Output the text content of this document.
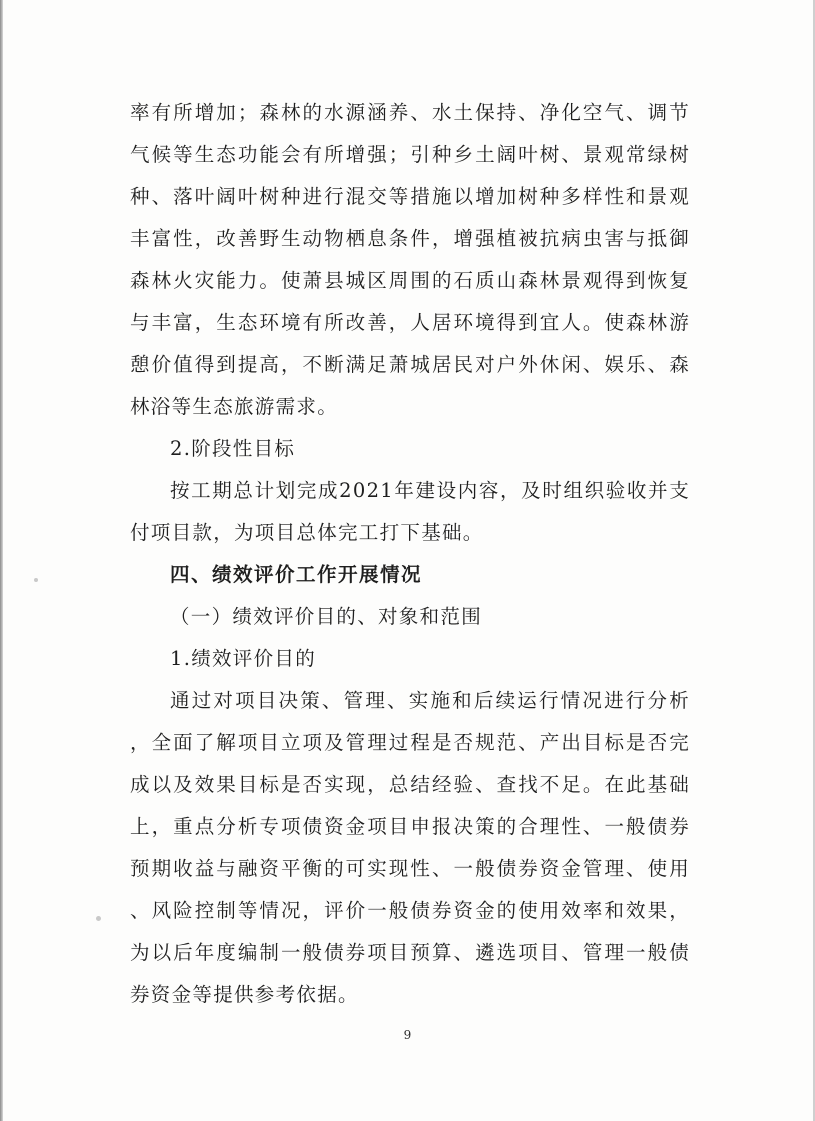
率有所增加；森林的水源涵养、水土保持、净化空气、调节
气候等生态功能会有所增强；引种乡土阔叶树、景观常绿树
种、落叶阔叶树种进行混交等措施以增加树种多样性和景观
丰富性，改善野生动物栖息条件，增强植被抗病虫害与抵御
森林火灾能力。使萧县城区周围的石质山森林景观得到恢复
与丰富，生态环境有所改善，人居环境得到宜人。使森林游
憩价值得到提高，不断满足萧城居民对户外休闲、娱乐、森
林浴等生态旅游需求。
2.阶段性目标
按工期总计划完成2021年建设内容，及时组织验收并支
付项目款，为项目总体完工打下基础。
四、绩效评价工作开展情况
（一）绩效评价目的、对象和范围
1.绩效评价目的
通过对项目决策、管理、实施和后续运行情况进行分析
，全面了解项目立项及管理过程是否规范、产出目标是否完
成以及效果目标是否实现，总结经验、查找不足。在此基础
上，重点分析专项债资金项目申报决策的合理性、一般债券
预期收益与融资平衡的可实现性、一般债券资金管理、使用
、风险控制等情况，评价一般债券资金的使用效率和效果，
为以后年度编制一般债券项目预算、遴选项目、管理一般债
券资金等提供参考依据。
9
